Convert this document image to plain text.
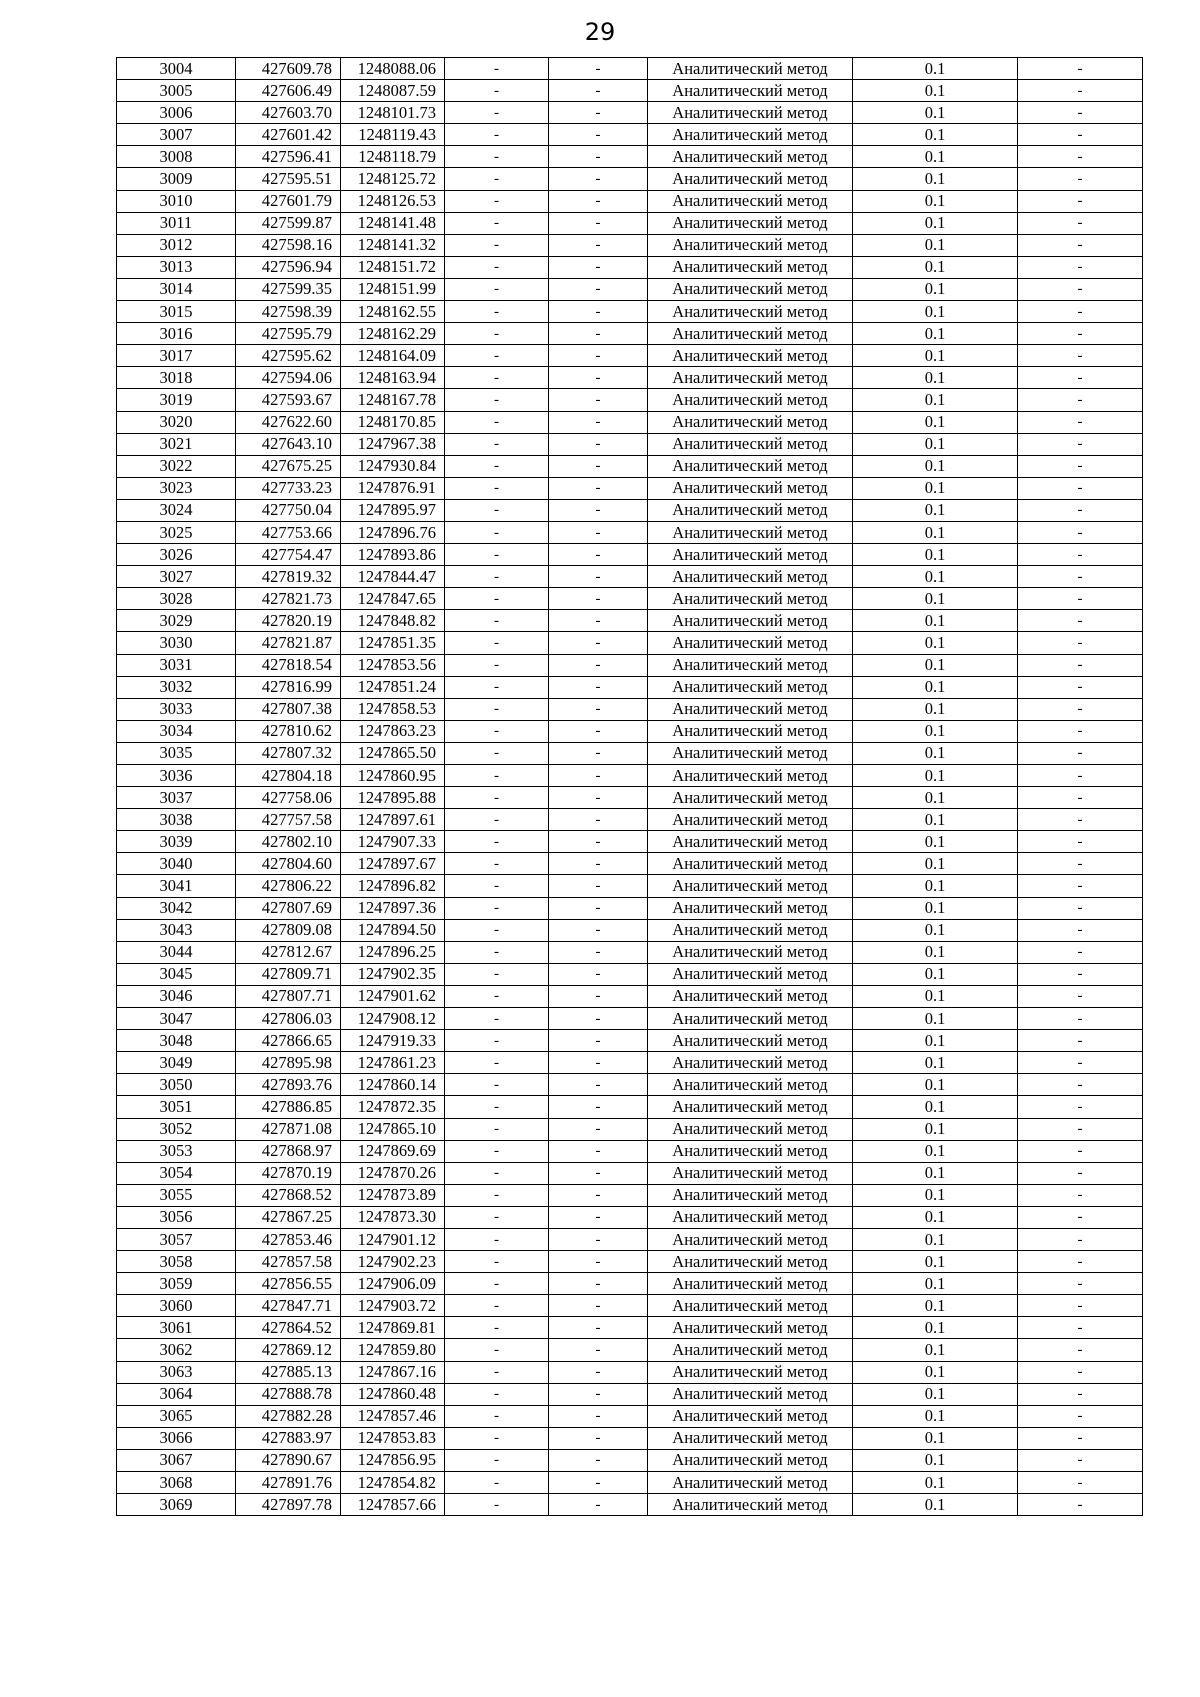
29
3004	427609.78	1248088.06	-	-	Аналитический метод	0.1	-
3005	427606.49	1248087.59	-	-	Аналитический метод	0.1	-
3006	427603.70	1248101.73	-	-	Аналитический метод	0.1	-
3007	427601.42	1248119.43	-	-	Аналитический метод	0.1	-
3008	427596.41	1248118.79	-	-	Аналитический метод	0.1	-
3009	427595.51	1248125.72	-	-	Аналитический метод	0.1	-
3010	427601.79	1248126.53	-	-	Аналитический метод	0.1	-
3011	427599.87	1248141.48	-	-	Аналитический метод	0.1	-
3012	427598.16	1248141.32	-	-	Аналитический метод	0.1	-
3013	427596.94	1248151.72	-	-	Аналитический метод	0.1	-
3014	427599.35	1248151.99	-	-	Аналитический метод	0.1	-
3015	427598.39	1248162.55	-	-	Аналитический метод	0.1	-
3016	427595.79	1248162.29	-	-	Аналитический метод	0.1	-
3017	427595.62	1248164.09	-	-	Аналитический метод	0.1	-
3018	427594.06	1248163.94	-	-	Аналитический метод	0.1	-
3019	427593.67	1248167.78	-	-	Аналитический метод	0.1	-
3020	427622.60	1248170.85	-	-	Аналитический метод	0.1	-
3021	427643.10	1247967.38	-	-	Аналитический метод	0.1	-
3022	427675.25	1247930.84	-	-	Аналитический метод	0.1	-
3023	427733.23	1247876.91	-	-	Аналитический метод	0.1	-
3024	427750.04	1247895.97	-	-	Аналитический метод	0.1	-
3025	427753.66	1247896.76	-	-	Аналитический метод	0.1	-
3026	427754.47	1247893.86	-	-	Аналитический метод	0.1	-
3027	427819.32	1247844.47	-	-	Аналитический метод	0.1	-
3028	427821.73	1247847.65	-	-	Аналитический метод	0.1	-
3029	427820.19	1247848.82	-	-	Аналитический метод	0.1	-
3030	427821.87	1247851.35	-	-	Аналитический метод	0.1	-
3031	427818.54	1247853.56	-	-	Аналитический метод	0.1	-
3032	427816.99	1247851.24	-	-	Аналитический метод	0.1	-
3033	427807.38	1247858.53	-	-	Аналитический метод	0.1	-
3034	427810.62	1247863.23	-	-	Аналитический метод	0.1	-
3035	427807.32	1247865.50	-	-	Аналитический метод	0.1	-
3036	427804.18	1247860.95	-	-	Аналитический метод	0.1	-
3037	427758.06	1247895.88	-	-	Аналитический метод	0.1	-
3038	427757.58	1247897.61	-	-	Аналитический метод	0.1	-
3039	427802.10	1247907.33	-	-	Аналитический метод	0.1	-
3040	427804.60	1247897.67	-	-	Аналитический метод	0.1	-
3041	427806.22	1247896.82	-	-	Аналитический метод	0.1	-
3042	427807.69	1247897.36	-	-	Аналитический метод	0.1	-
3043	427809.08	1247894.50	-	-	Аналитический метод	0.1	-
3044	427812.67	1247896.25	-	-	Аналитический метод	0.1	-
3045	427809.71	1247902.35	-	-	Аналитический метод	0.1	-
3046	427807.71	1247901.62	-	-	Аналитический метод	0.1	-
3047	427806.03	1247908.12	-	-	Аналитический метод	0.1	-
3048	427866.65	1247919.33	-	-	Аналитический метод	0.1	-
3049	427895.98	1247861.23	-	-	Аналитический метод	0.1	-
3050	427893.76	1247860.14	-	-	Аналитический метод	0.1	-
3051	427886.85	1247872.35	-	-	Аналитический метод	0.1	-
3052	427871.08	1247865.10	-	-	Аналитический метод	0.1	-
3053	427868.97	1247869.69	-	-	Аналитический метод	0.1	-
3054	427870.19	1247870.26	-	-	Аналитический метод	0.1	-
3055	427868.52	1247873.89	-	-	Аналитический метод	0.1	-
3056	427867.25	1247873.30	-	-	Аналитический метод	0.1	-
3057	427853.46	1247901.12	-	-	Аналитический метод	0.1	-
3058	427857.58	1247902.23	-	-	Аналитический метод	0.1	-
3059	427856.55	1247906.09	-	-	Аналитический метод	0.1	-
3060	427847.71	1247903.72	-	-	Аналитический метод	0.1	-
3061	427864.52	1247869.81	-	-	Аналитический метод	0.1	-
3062	427869.12	1247859.80	-	-	Аналитический метод	0.1	-
3063	427885.13	1247867.16	-	-	Аналитический метод	0.1	-
3064	427888.78	1247860.48	-	-	Аналитический метод	0.1	-
3065	427882.28	1247857.46	-	-	Аналитический метод	0.1	-
3066	427883.97	1247853.83	-	-	Аналитический метод	0.1	-
3067	427890.67	1247856.95	-	-	Аналитический метод	0.1	-
3068	427891.76	1247854.82	-	-	Аналитический метод	0.1	-
3069	427897.78	1247857.66	-	-	Аналитический метод	0.1	-
